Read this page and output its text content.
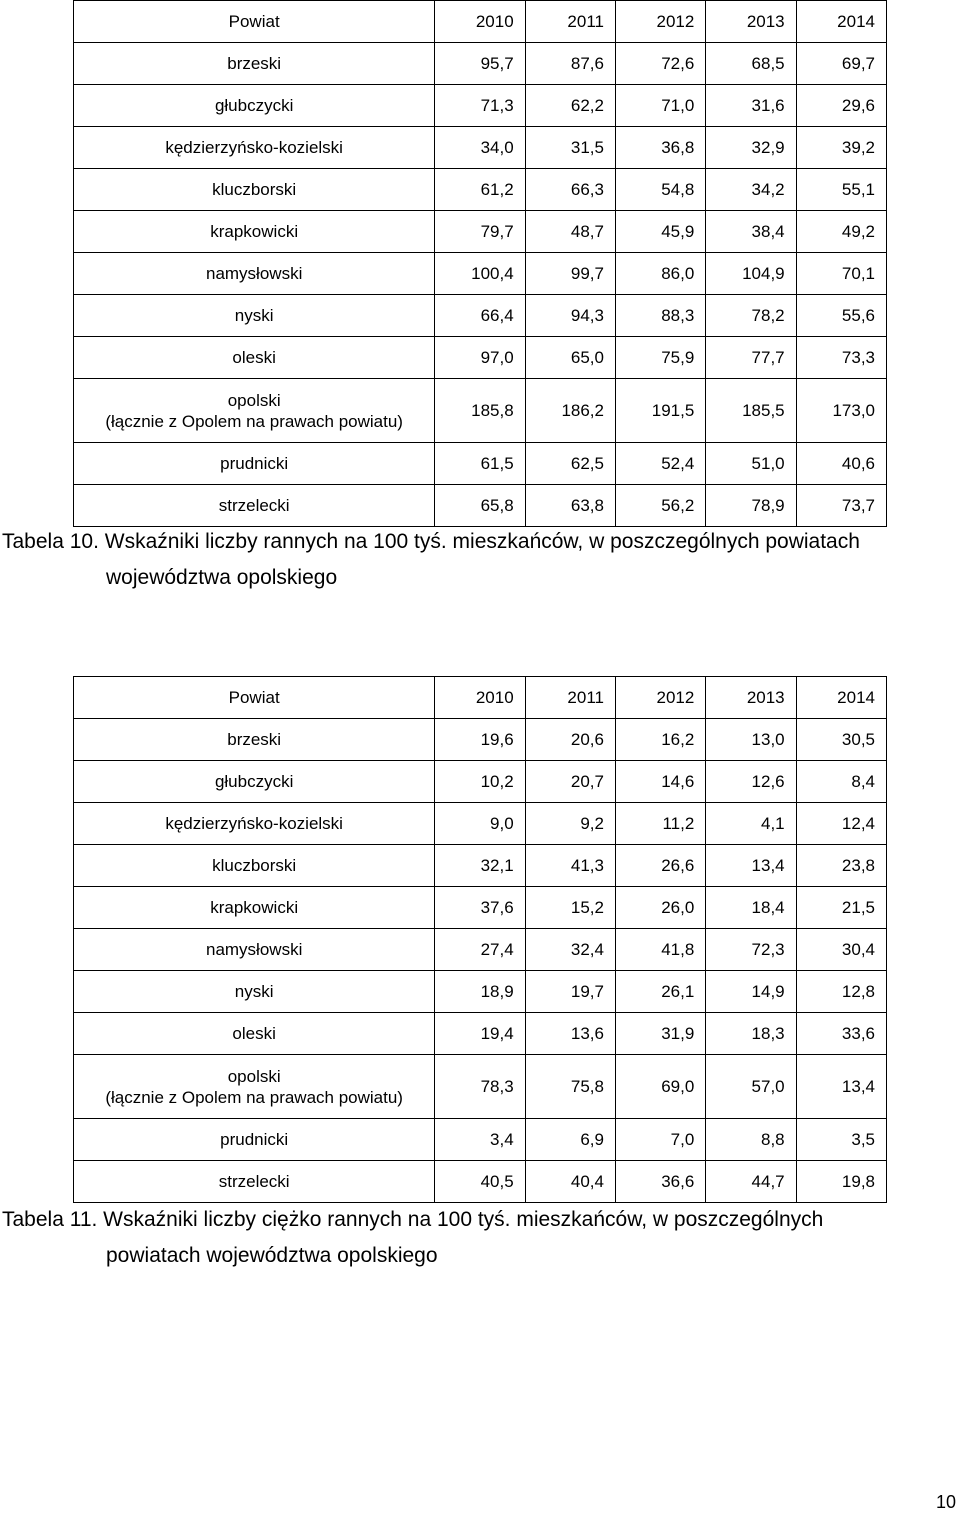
Powiat	2010	2011	2012	2013	2014
brzeski	95,7	87,6	72,6	68,5	69,7
głubczycki	71,3	62,2	71,0	31,6	29,6
kędzierzyńsko-kozielski	34,0	31,5	36,8	32,9	39,2
kluczborski	61,2	66,3	54,8	34,2	55,1
krapkowicki	79,7	48,7	45,9	38,4	49,2
namysłowski	100,4	99,7	86,0	104,9	70,1
nyski	66,4	94,3	88,3	78,2	55,6
oleski	97,0	65,0	75,9	77,7	73,3
opolski
(łącznie z Opolem na prawach powiatu)	185,8	186,2	191,5	185,5	173,0
prudnicki	61,5	62,5	52,4	51,0	40,6
strzelecki	65,8	63,8	56,2	78,9	73,7
Tabela 10. Wskaźniki liczby rannych na 100 tyś. mieszkańców, w poszczególnych powiatach
województwa opolskiego
Powiat	2010	2011	2012	2013	2014
brzeski	19,6	20,6	16,2	13,0	30,5
głubczycki	10,2	20,7	14,6	12,6	8,4
kędzierzyńsko-kozielski	9,0	9,2	11,2	4,1	12,4
kluczborski	32,1	41,3	26,6	13,4	23,8
krapkowicki	37,6	15,2	26,0	18,4	21,5
namysłowski	27,4	32,4	41,8	72,3	30,4
nyski	18,9	19,7	26,1	14,9	12,8
oleski	19,4	13,6	31,9	18,3	33,6
opolski
(łącznie z Opolem na prawach powiatu)	78,3	75,8	69,0	57,0	13,4
prudnicki	3,4	6,9	7,0	8,8	3,5
strzelecki	40,5	40,4	36,6	44,7	19,8
Tabela 11. Wskaźniki liczby ciężko rannych na 100 tyś. mieszkańców, w poszczególnych
powiatach województwa opolskiego
10
